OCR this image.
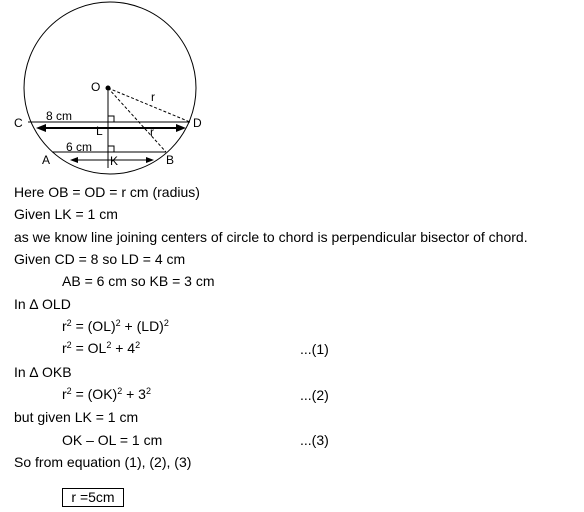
O
r
C	D
8 cm
L	r
6 cm
A	K	B
Here OB = OD = r cm (radius)
Given LK = 1 cm
as we know line joining centers of circle to chord is perpendicular bisector of chord.
Given CD = 8 so LD = 4 cm
AB = 6 cm so KB = 3 cm
In ∆ OLD
$r^2 = (OL)^2 + (LD)^2$
$r^2 = OL^2 + 4^2$	...(1)
In ∆ OKB
$r^2 = (OK)^2 + 3^2$	...(2)
but given LK = 1 cm
OK – OL = 1 cm	...(3)
So from equation (1), (2), (3)
r =5cm
